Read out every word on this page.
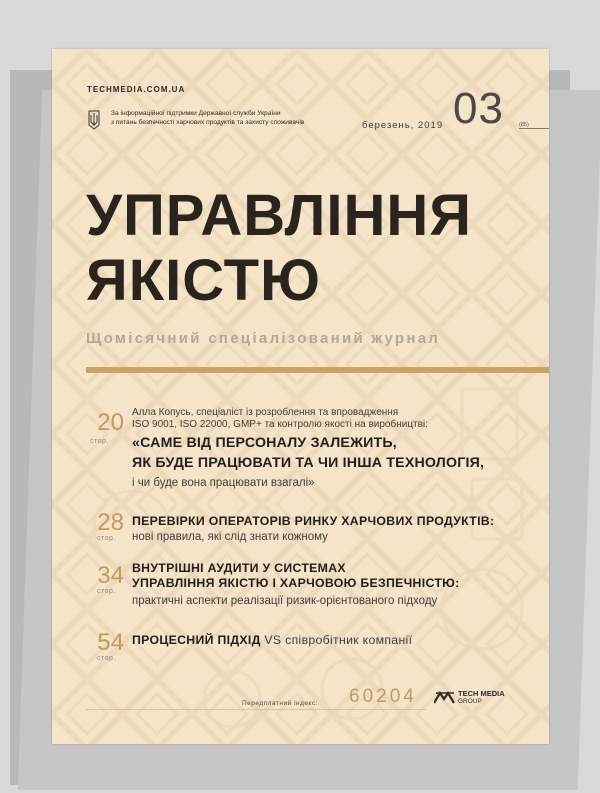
TECHMEDIA.COM.UA
За інформаційної підтримки Державної служби України
з питань безпечності харчових продуктів та захисту споживачів	березень, 2019 03	(85)
УПРАВЛІННЯ
ЯКІСТЮ
Щомісячний спеціалізований журнал
20
стор.
Алла Копусь, спеціаліст із розроблення та впровадження
ISO 9001, ISO 22000, GMP+ та контролю якості на виробництві:
«САМЕ ВІД ПЕРСОНАЛУ ЗАЛЕЖИТЬ,
ЯК БУДЕ ПРАЦЮВАТИ ТА ЧИ ІНША ТЕХНОЛОГІЯ,
і чи буде вона працювати взагалі»
28
стор.
ПЕРЕВІРКИ ОПЕРАТОРІВ РИНКУ ХАРЧОВИХ ПРОДУКТІВ:
нові правила, які слід знати кожному
34
стор.
ВНУТРІШНІ АУДИТИ У СИСТЕМАХ
УПРАВЛІННЯ ЯКІСТЮ І ХАРЧОВОЮ БЕЗПЕЧНІСТЮ:
практичні аспекти реалізації ризик-орієнтованого підходу
54
стор.
ПРОЦЕСНИЙ ПІДХІД VS співробітник компанії
Передплатний індекс: 60204	TECH MEDIA
GROUP
